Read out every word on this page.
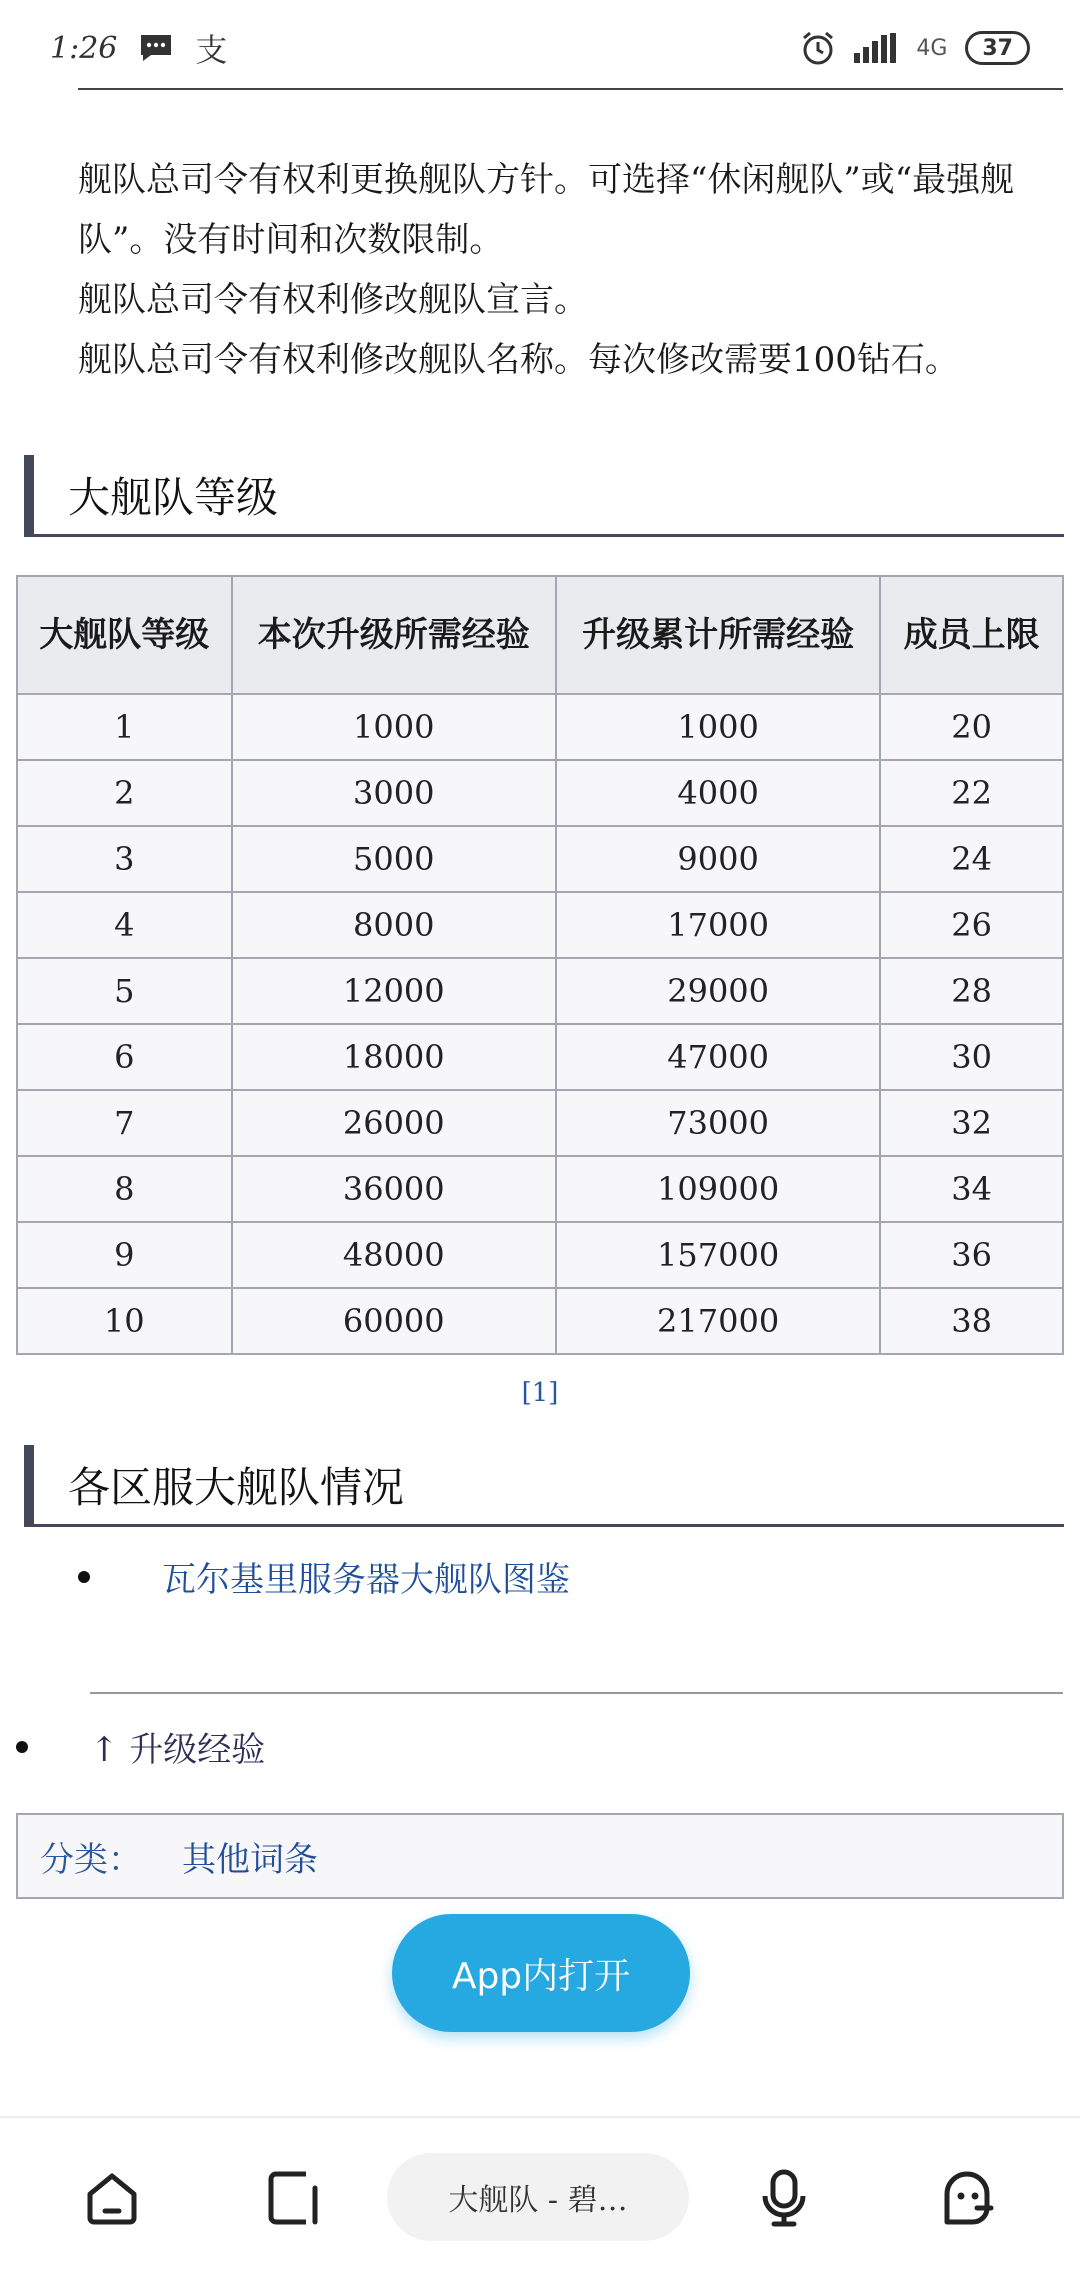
1:26 支	4G	37

舰队总司令有权利更换舰队方针。可选择“休闲舰队”或“最强舰队”。没有时间和次数限制。

舰队总司令有权利修改舰队宣言。

舰队总司令有权利修改舰队名称。每次修改需要100钻石。

大舰队等级
大舰队等级	本次升级所需经验	升级累计所需经验	成员上限
1	1000	1000	20
2	3000	4000	22
3	5000	9000	24
4	8000	17000	26
5	12000	29000	28
6	18000	47000	30
7	26000	73000	32
8	36000	109000	34
9	48000	157000	36
10	60000	217000	38
[1]
各区服大舰队情况
瓦尔基里服务器大舰队图鉴
↑ 升级经验
分类： 其他词条
App内打开
大舰队 - 碧…
